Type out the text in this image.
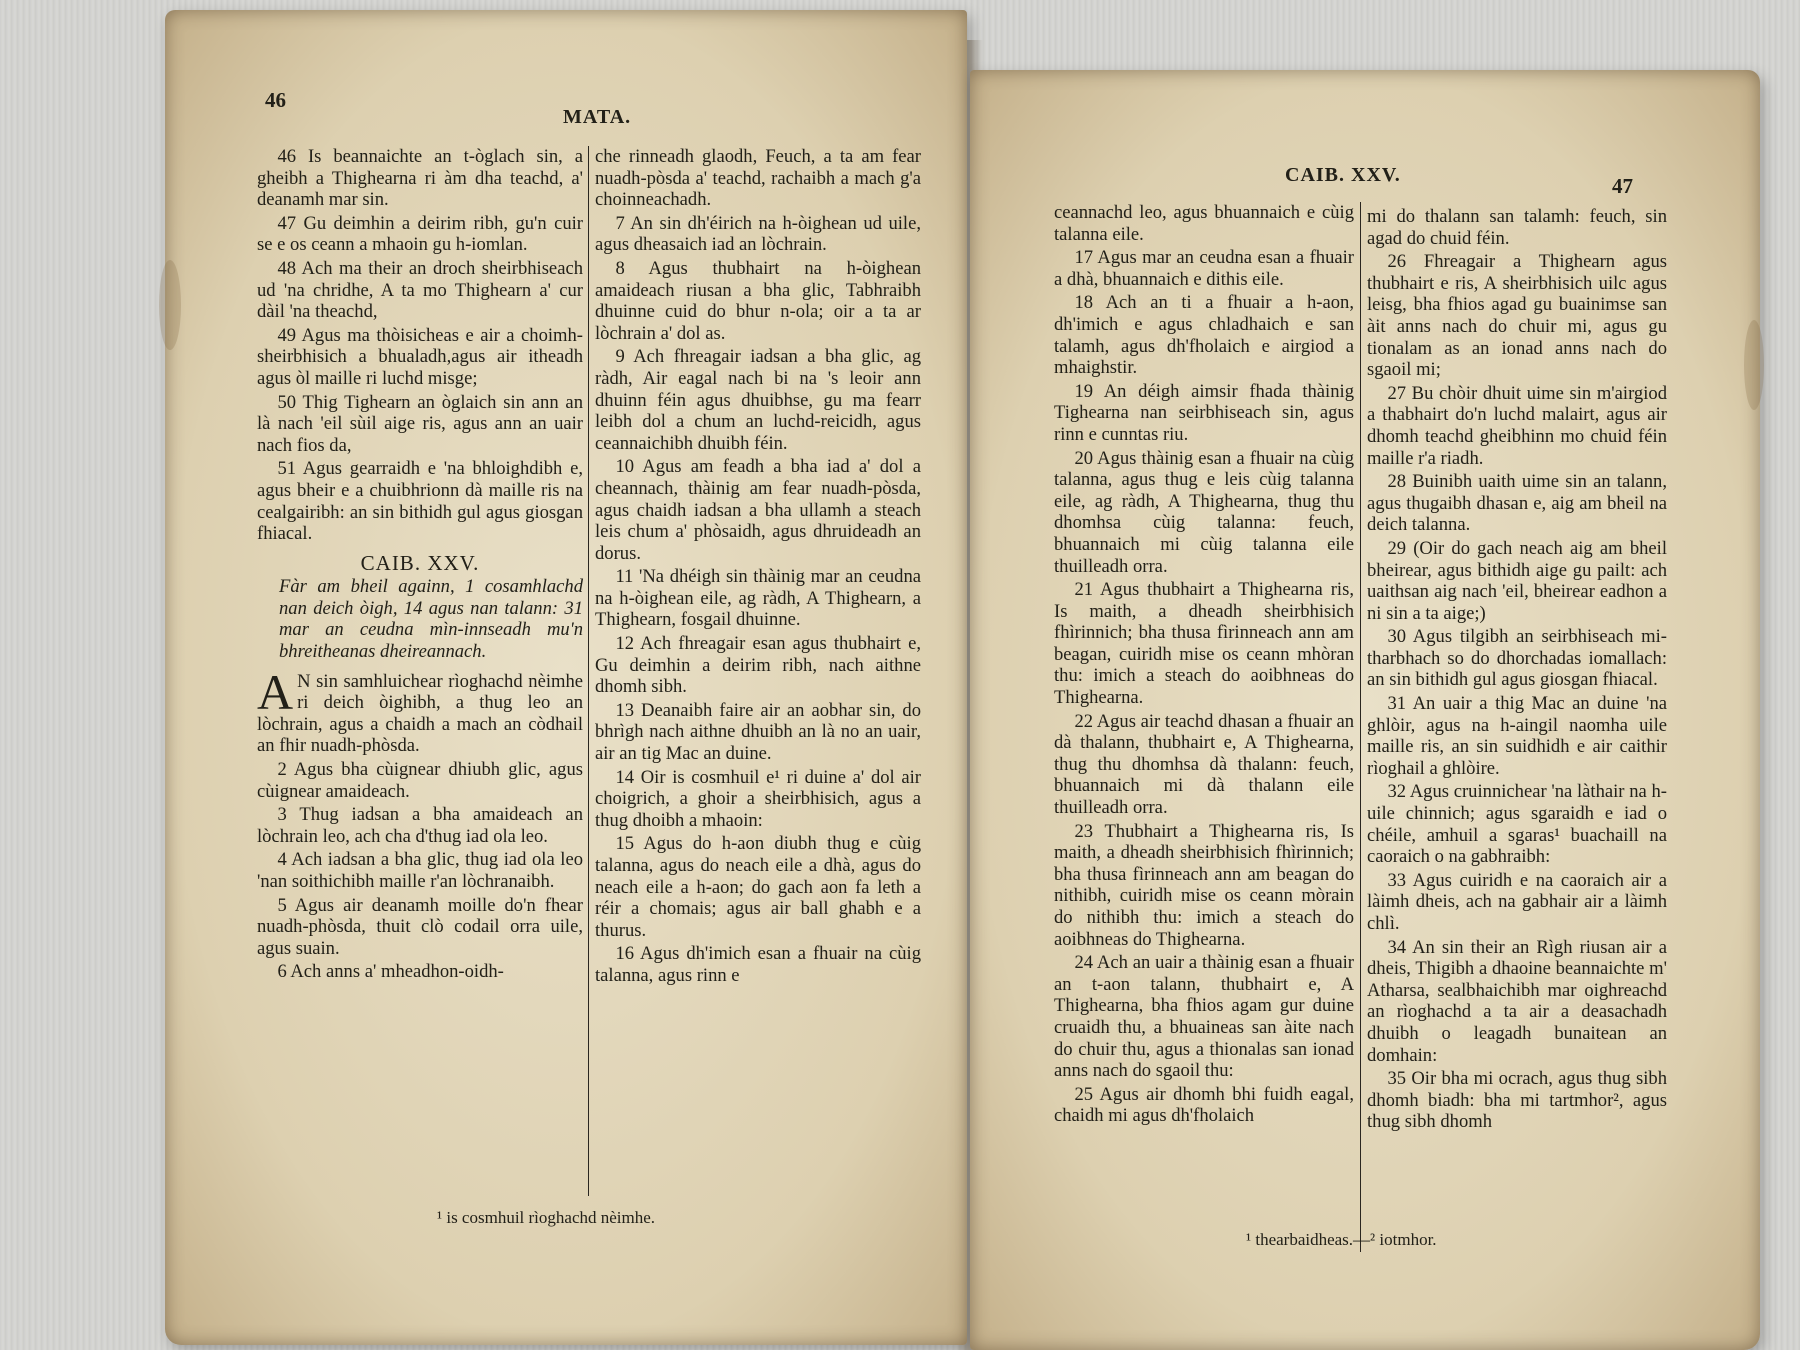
46
MATA.

46 Is beannaichte an t-òglach sin, a gheibh a Thighearna ri àm dha teachd, a' deanamh mar sin.

47 Gu deimhin a deirim ribh, gu'n cuir se e os ceann a mhaoin gu h-iomlan.

48 Ach ma their an droch sheirbhiseach ud 'na chridhe, A ta mo Thighearn a' cur dàil 'na theachd,

49 Agus ma thòisicheas e air a choimh-sheirbhisich a bhualadh,agus air itheadh agus òl maille ri luchd misge;

50 Thig Tighearn an òglaich sin ann an là nach 'eil sùil aige ris, agus ann an uair nach fios da,

51 Agus gearraidh e 'na bhloighdibh e, agus bheir e a chuibhrionn dà maille ris na cealgairibh: an sin bithidh gul agus giosgan fhiacal.

CAIB. XXV.

Fàr am bheil againn, 1 cosamhlachd nan deich òigh, 14 agus nan talann: 31 mar an ceudna mìn-innseadh mu'n bhreitheanas dheireannach.

A N sin samhluichear rìoghachd nèimhe ri deich òighibh, a thug leo an lòchrain, agus a chaidh a mach an còdhail an fhir nuadh-phòsda.

2 Agus bha cùignear dhiubh glic, agus cùignear amaideach.

3 Thug iadsan a bha amaideach an lòchrain leo, ach cha d'thug iad ola leo.

4 Ach iadsan a bha glic, thug iad ola leo 'nan soithichibh maille r'an lòchranaibh.

5 Agus air deanamh moille do'n fhear nuadh-phòsda, thuit clò codail orra uile, agus suain.

6 Ach anns a' mheadhon-oidh-

che rinneadh glaodh, Feuch, a ta am fear nuadh-pòsda a' teachd, rachaibh a mach g'a choinneachadh.

7 An sin dh'éirich na h-òighean ud uile, agus dheasaich iad an lòchrain.

8 Agus thubhairt na h-òighean amaideach riusan a bha glic, Tabhraibh dhuinne cuid do bhur n-ola; oir a ta ar lòchrain a' dol as.

9 Ach fhreagair iadsan a bha glic, ag ràdh, Air eagal nach bi na 's leoir ann dhuinn féin agus dhuibhse, gu ma fearr leibh dol a chum an luchd-reicidh, agus ceannaichibh dhuibh féin.

10 Agus am feadh a bha iad a' dol a cheannach, thàinig am fear nuadh-pòsda, agus chaidh iadsan a bha ullamh a steach leis chum a' phòsaidh, agus dhruideadh an dorus.

11 'Na dhéigh sin thàinig mar an ceudna na h-òighean eile, ag ràdh, A Thighearn, a Thighearn, fosgail dhuinne.

12 Ach fhreagair esan agus thubhairt e, Gu deimhin a deirim ribh, nach aithne dhomh sibh.

13 Deanaibh faire air an aobhar sin, do bhrìgh nach aithne dhuibh an là no an uair, air an tig Mac an duine.

14 Oir is cosmhuil e¹ ri duine a' dol air choigrich, a ghoir a sheirbhisich, agus a thug dhoibh a mhaoin:

15 Agus do h-aon diubh thug e cùig talanna, agus do neach eile a dhà, agus do neach eile a h-aon; do gach aon fa leth a réir a chomais; agus air ball ghabh e a thurus.

16 Agus dh'imich esan a fhuair na cùig talanna, agus rinn e

¹ is cosmhuil rìoghachd nèimhe.
CAIB. XXV.	47

ceannachd leo, agus bhuannaich e cùig talanna eile.

17 Agus mar an ceudna esan a fhuair a dhà, bhuannaich e dithis eile.

18 Ach an ti a fhuair a h-aon, dh'imich e agus chladhaich e san talamh, agus dh'fholaich e airgiod a mhaighstir.

19 An déigh aimsir fhada thàinig Tighearna nan seirbhiseach sin, agus rinn e cunntas riu.

20 Agus thàinig esan a fhuair na cùig talanna, agus thug e leis cùig talanna eile, ag ràdh, A Thighearna, thug thu dhomhsa cùig talanna: feuch, bhuannaich mi cùig talanna eile thuilleadh orra.

21 Agus thubhairt a Thighearna ris, Is maith, a dheadh sheirbhisich fhìrinnich; bha thusa fìrinneach ann am beagan, cuiridh mise os ceann mhòran thu: imich a steach do aoibhneas do Thighearna.

22 Agus air teachd dhasan a fhuair an dà thalann, thubhairt e, A Thighearna, thug thu dhomhsa dà thalann: feuch, bhuannaich mi dà thalann eile thuilleadh orra.

23 Thubhairt a Thighearna ris, Is maith, a dheadh sheirbhisich fhìrinnich; bha thusa fìrinneach ann am beagan do nithibh, cuiridh mise os ceann mòrain do nithibh thu: imich a steach do aoibhneas do Thighearna.

24 Ach an uair a thàinig esan a fhuair an t-aon talann, thubhairt e, A Thighearna, bha fhios agam gur duine cruaidh thu, a bhuaineas san àite nach do chuir thu, agus a thionalas san ionad anns nach do sgaoil thu:

25 Agus air dhomh bhi fuidh eagal, chaidh mi agus dh'fholaich

mi do thalann san talamh: feuch, sin agad do chuid féin.

26 Fhreagair a Thighearn agus thubhairt e ris, A sheirbhisich uilc agus leisg, bha fhios agad gu buainimse san àit anns nach do chuir mi, agus gu tionalam as an ionad anns nach do sgaoil mi;

27 Bu chòir dhuit uime sin m'airgiod a thabhairt do'n luchd malairt, agus air dhomh teachd gheibhinn mo chuid féin maille r'a riadh.

28 Buinibh uaith uime sin an talann, agus thugaibh dhasan e, aig am bheil na deich talanna.

29 (Oir do gach neach aig am bheil bheirear, agus bithidh aige gu pailt: ach uaithsan aig nach 'eil, bheirear eadhon a ni sin a ta aige;)

30 Agus tilgibh an seirbhiseach mi-tharbhach so do dhorchadas iomallach: an sin bithidh gul agus giosgan fhiacal.

31 An uair a thig Mac an duine 'na ghlòir, agus na h-aingil naomha uile maille ris, an sin suidhidh e air caithir rìoghail a ghlòire.

32 Agus cruinnichear 'na làthair na h-uile chinnich; agus sgaraidh e iad o chéile, amhuil a sgaras¹ buachaill na caoraich o na gabhraibh:

33 Agus cuiridh e na caoraich air a làimh dheis, ach na gabhair air a làimh chlì.

34 An sin their an Rìgh riusan air a dheis, Thigibh a dhaoine beannaichte m' Atharsa, sealbhaichibh mar oighreachd an rìoghachd a ta air a deasachadh dhuibh o leagadh bunaitean an domhain:

35 Oir bha mi ocrach, agus thug sibh dhomh biadh: bha mi tartmhor², agus thug sibh dhomh

¹ thearbaidheas.—² iotmhor.
